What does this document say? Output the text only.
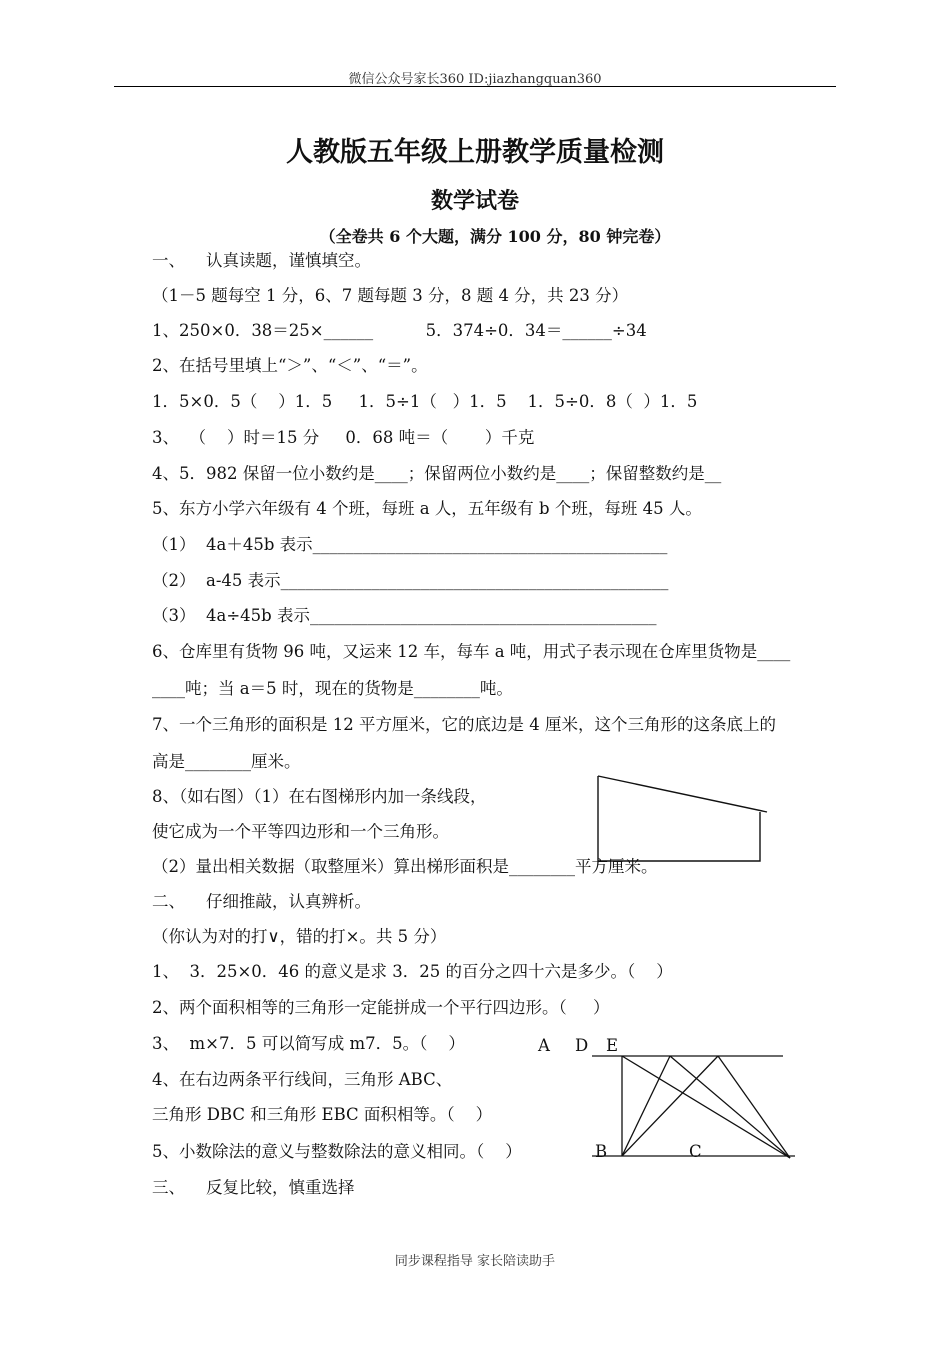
微信公众号家长360 ID:jiazhangquan360
人教版五年级上册教学质量检测
数学试卷
（全卷共 6 个大题，满分 100 分，80 钟完卷）
一、    认真读题，谨慎填空。
（1－5 题每空 1 分，6、7 题每题 3 分，8 题 4 分，共 23 分）
1、250×0．38＝25×______          5．374÷0．34＝______÷34
2、在括号里填上“＞”、“＜”、“＝”。
1．5×0．5（    ）1．5     1．5÷1（   ）1．5    1．5÷0．8（  ）1．5
3、  （    ）时＝15 分     0．68 吨＝（       ）千克
4、5．982 保留一位小数约是____；保留两位小数约是____；保留整数约是__
5、东方小学六年级有 4 个班，每班 a 人，五年级有 b 个班，每班 45 人。
（1）  4a＋45b 表示___________________________________________
（2）  a-45 表示_______________________________________________
（3）  4a÷45b 表示__________________________________________
6、仓库里有货物 96 吨，又运来 12 车，每车 a 吨，用式子表示现在仓库里货物是____
____吨；当 a＝5 时，现在的货物是________吨。
7、一个三角形的面积是 12 平方厘米，它的底边是 4 厘米，这个三角形的这条底上的
高是________厘米。
8、（如右图）（1）在右图梯形内加一条线段，
使它成为一个平等四边形和一个三角形。
（2）量出相关数据（取整厘米）算出梯形面积是________平方厘米。
二、    仔细推敲，认真辨析。
（你认为对的打∨，错的打×。共 5 分）
1、  3．25×0．46 的意义是求 3．25 的百分之四十六是多少。（    ）
2、两个面积相等的三角形一定能拼成一个平行四边形。（     ）
3、  m×7．5 可以简写成 m7．5。（    ）
4、在右边两条平行线间，三角形 ABC、
三角形 DBC 和三角形 EBC 面积相等。（    ）
5、小数除法的意义与整数除法的意义相同。（    ）
三、    反复比较，慎重选择
A D E
B	C
同步课程指导 家长陪读助手
